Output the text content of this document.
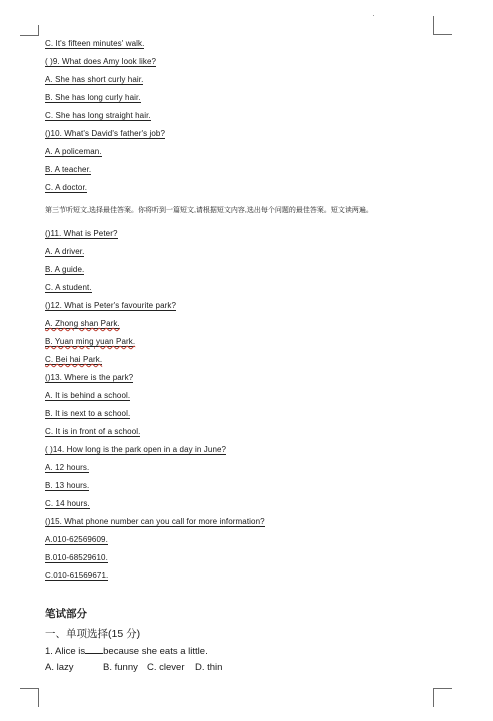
C. It's fifteen minutes' walk.
( )9. What does Amy look like?
A. She has short curly hair.
B. She has long curly hair.
C. She has long straight hair.
()10. What's David's father's job?
A. A policeman.
B. A teacher.
C. A doctor.
第三节听短文,选择最佳答案。你将听到一篇短文,请根据短文内容,选出每个问题的最佳答案。短文读两遍。
()11. What is Peter?
A. A driver.
B. A guide.
C. A student.
()12. What is Peter's favourite park?
A. Zhong shan Park.
B. Yuan ming yuan Park.
C. Bei hai Park.
()13. Where is the park?
A. It is behind a school.
B. It is next to a school.
C. It is in front of a school.
( )14. How long is the park open in a day in June?
A. 12 hours.
B. 13 hours.
C. 14 hours.
()15. What phone number can you call for more information?
A.010-62569609.
B.010-68529610.
C.010-61569671.
笔试部分
一、单项选择(15 分)
1. Alice is because she eats a little.
A. lazy	B. funny C. clever D. thin
